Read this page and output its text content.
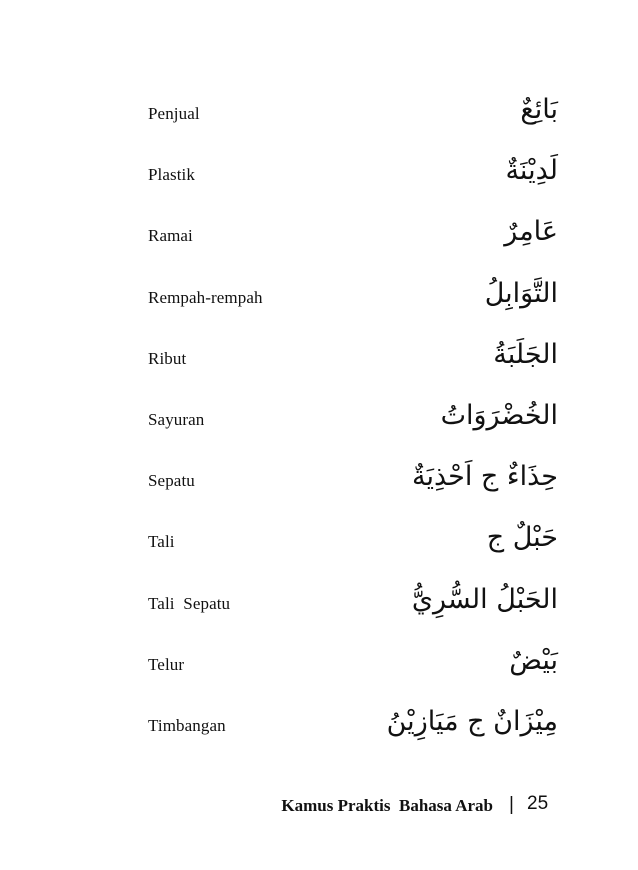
Penjual	بَائِعٌ
Plastik	لَدِيْنَةٌ
Ramai	عَامِرٌ
Rempah-rempah	التَّوَابِلُ
Ribut	الجَلَبَةُ
Sayuran	الخُضْرَوَاتُ
Sepatu	حِذَاءٌ ج اَحْذِيَةٌ
Tali	حَبْلٌ ج
Tali  Sepatu	الحَبْلُ السُّرِيُّ
Telur	بَيْضٌ
Timbangan	مِيْزَانٌ ج مَيَازِيْنُ
Kamus Praktis  Bahasa Arab | 25
